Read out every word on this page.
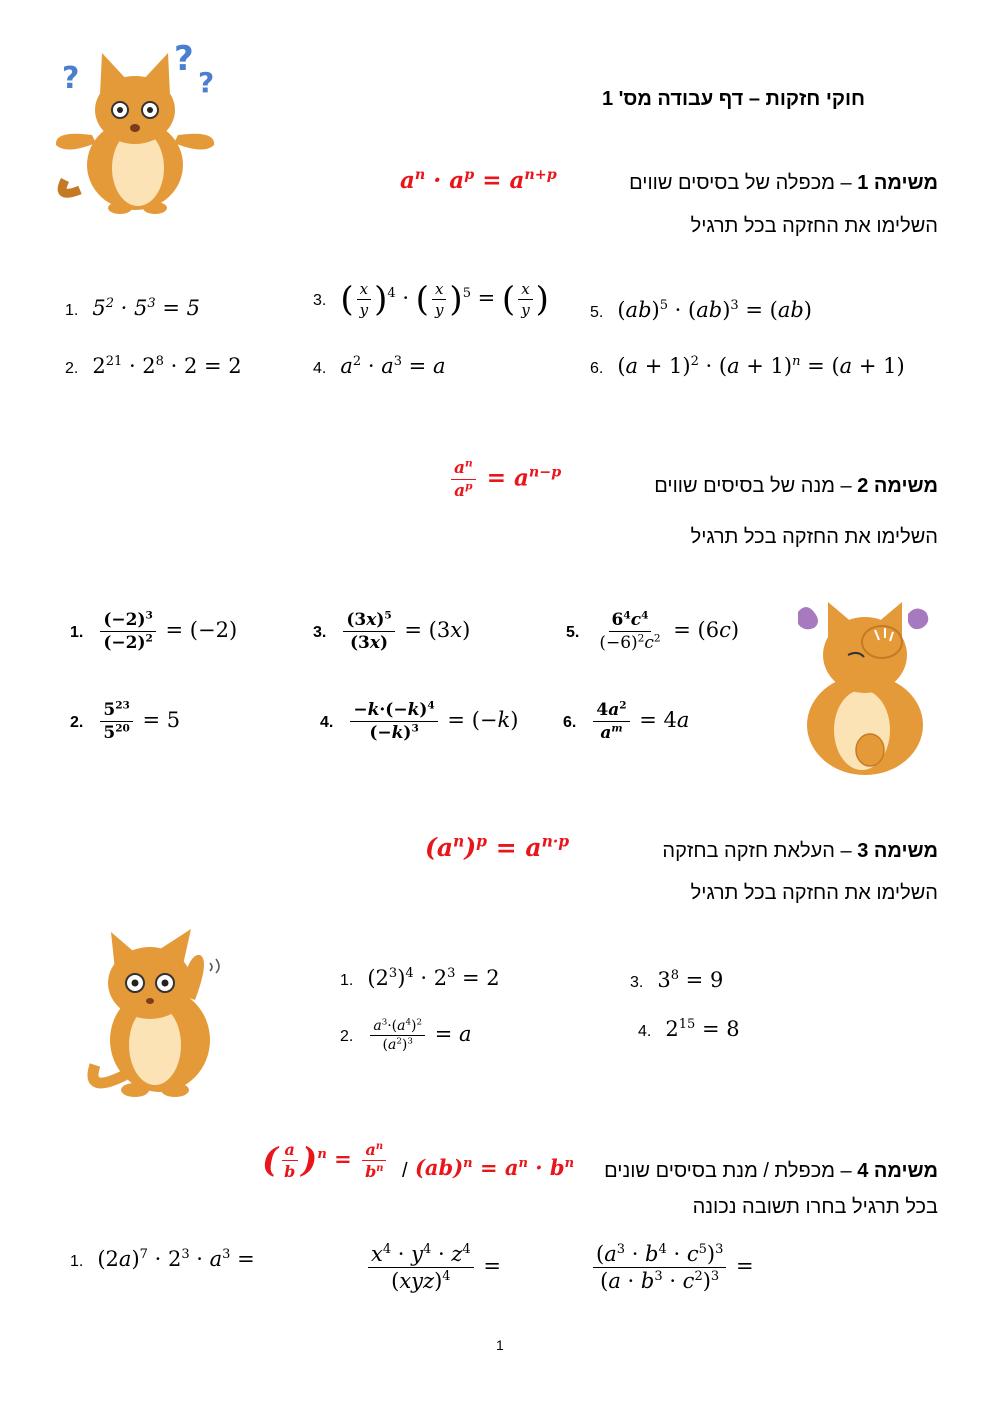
?	?
?	חוקי חזקות – דף עבודה מס' 1
משימה 1 – מכפלה של בסיסים שווים
$a^n \cdot a^p = a^{n+p}$
השלימו את החזקה בכל תרגיל
1. $5^2 \cdot 5^3 = 5$
2. $2^{21} \cdot 2^8 \cdot 2 = 2$
3. ( $\frac{x}{y} )^4$ · ( $\frac{x}{y} )^5$ = ( $\frac{x}{y}$ )
4. $a^2 \cdot a^3 = a$
5. (ab)$^5$ · (ab)$^3$ = (ab)
6. $(a + 1)^2 \cdot (a + 1)^n = (a + 1)$
משימה 2 – מנה של בסיסים שווים
$\frac{a^n}{a^p} = a^{n-p}$
השלימו את החזקה בכל תרגיל
1. $\frac{(-2)^3}{(-2)^2} = (-2)$
2. $\frac{5^{23}}{5^{20}} = 5$
3. $\frac{(3x)^5}{(3x)} = (3x)$
4. $\frac{-k\cdot(-k)^4}{(-k)^3} = (-k)$
5. $\frac{6^4c^4}{(-6)^2c^2} = (6c)$
6. $\frac{4a^2}{a^m} = 4a$
משימה 3 – העלאת חזקה בחזקה
$(a^n)^p = a^{n\cdot p}$
השלימו את החזקה בכל תרגיל
1. $(2^3)^4 \cdot 2^3 = 2$
2. $\frac{a^3\cdot(a^4)^2}{(a^2)^3} = a$
3. $3^8 = 9$
4. $2^{15} = 8$
משימה 4 – מכפלת / מנת בסיסים שונים
$(ab)^n = a^n \cdot b^n$
/
( $\frac{a}{b} )^n = \frac{a^n}{b^n}$
בכל תרגיל בחרו תשובה נכונה
1. $(2a)^7 \cdot 2^3 \cdot a^3$ =	$\frac{x^4 \cdot y^4 \cdot z^4}{(xyz)^4}$ =	$\frac{(a^3 \cdot b^4 \cdot c^5)^3}{(a \cdot b^3 \cdot c^2)^3}$ =
1
